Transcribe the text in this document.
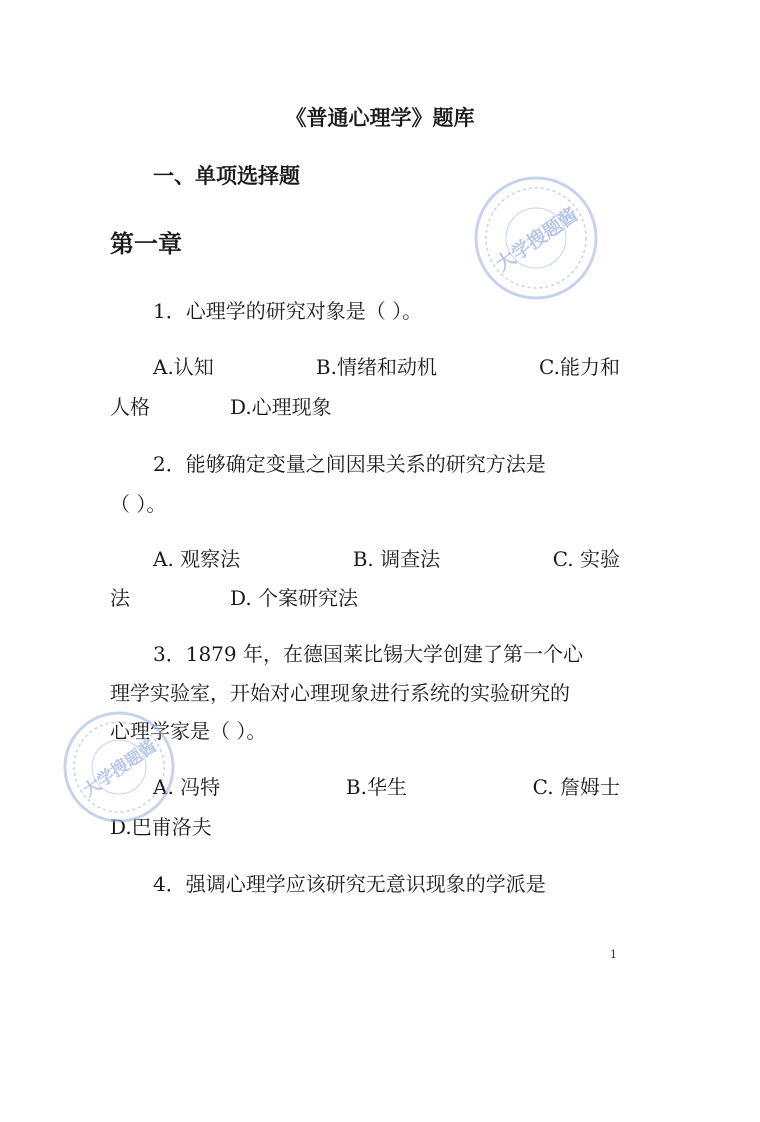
《普通心理学》题库
一、单项选择题
第一章
1．心理学的研究对象是（ ）。
A.认知	B.情绪和动机	C.能力和
人格	D.心理现象
2．能够确定变量之间因果关系的研究方法是
（ ）。
A. 观察法	B. 调查法	C. 实验
法	D. 个案研究法
3．1879 年，在德国莱比锡大学创建了第一个心
理学实验室，开始对心理现象进行系统的实验研究的
心理学家是（ ）。
A. 冯特	B.华生	C. 詹姆士
D.巴甫洛夫
4．强调心理学应该研究无意识现象的学派是
1
大学搜题酱
大学搜题酱
